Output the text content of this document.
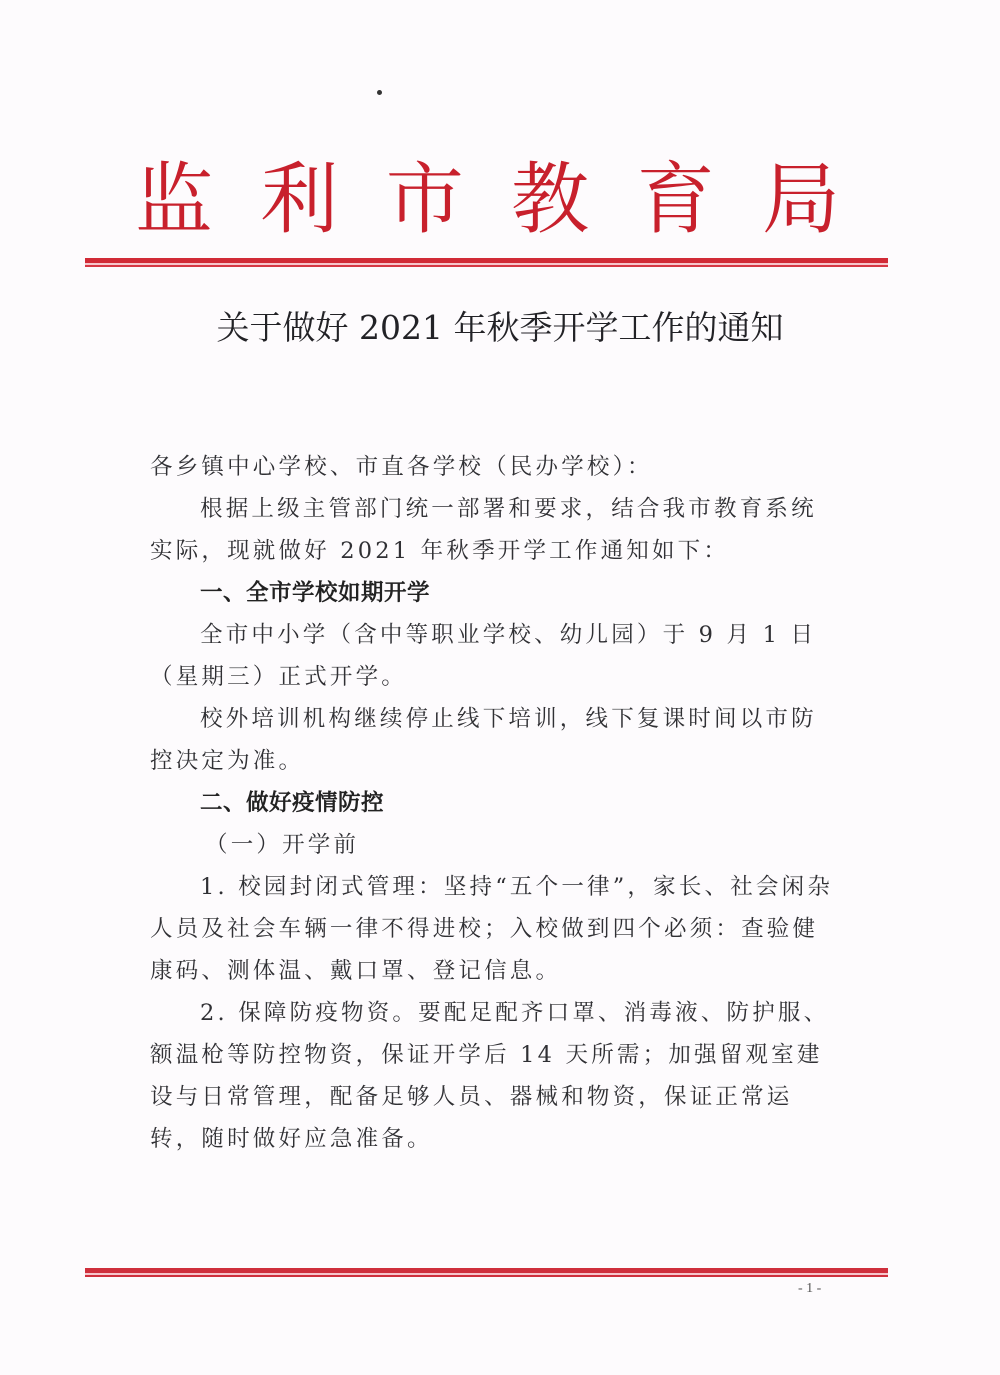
监 利 市 教 育 局
关于做好 2021 年秋季开学工作的通知

各乡镇中心学校、市直各学校（民办学校）：

根据上级主管部门统一部署和要求，结合我市教育系统实际，现就做好 2021 年秋季开学工作通知如下：

一、全市学校如期开学

全市中小学（含中等职业学校、幼儿园）于 9 月 1 日（星期三）正式开学。

校外培训机构继续停止线下培训，线下复课时间以市防控决定为准。

二、做好疫情防控

（一）开学前

1. 校园封闭式管理：坚持“五个一律”，家长、社会闲杂人员及社会车辆一律不得进校；入校做到四个必须：查验健康码、测体温、戴口罩、登记信息。

2. 保障防疫物资。要配足配齐口罩、消毒液、防护服、额温枪等防控物资，保证开学后 14 天所需；加强留观室建设与日常管理，配备足够人员、器械和物资，保证正常运转，随时做好应急准备。

- 1 -
